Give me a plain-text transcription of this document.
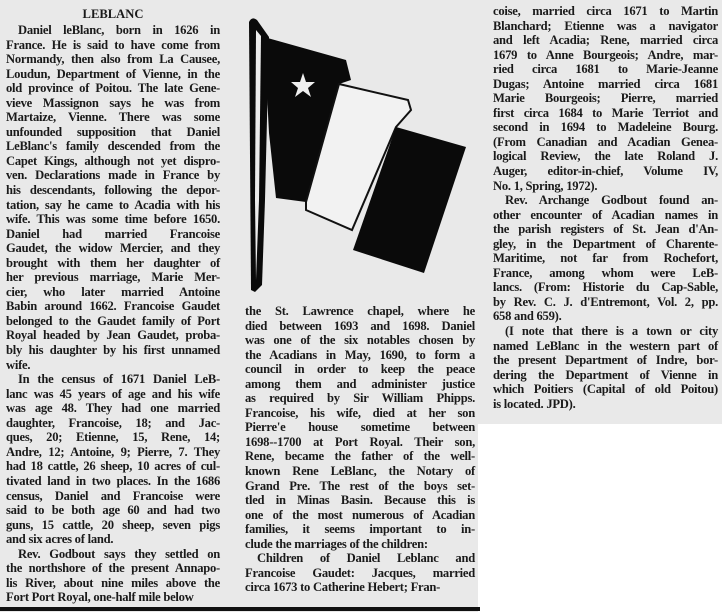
LEBLANC
Daniel leBlanc, born in 1626 in
France. He is said to have come from
Normandy, then also from La Causee,
Loudun, Department of Vienne, in the
old province of Poitou. The late Gene-
vieve Massignon says he was from
Martaize, Vienne. There was some
unfounded supposition that Daniel
LeBlanc's family descended from the
Capet Kings, although not yet dispro-
ven. Declarations made in France by
his descendants, following the depor-
tation, say he came to Acadia with his
wife. This was some time before 1650.
Daniel had married Francoise
Gaudet, the widow Mercier, and they
brought with them her daughter of
her previous marriage, Marie Mer-
cier, who later married Antoine
Babin around 1662. Francoise Gaudet
belonged to the Gaudet family of Port
Royal headed by Jean Gaudet, proba-
bly his daughter by his first unnamed
wife.
In the census of 1671 Daniel LeB-
lanc was 45 years of age and his wife
was age 48. They had one married
daughter, Francoise, 18; and Jac-
ques, 20; Etienne, 15, Rene, 14;
Andre, 12; Antoine, 9; Pierre, 7. They
had 18 cattle, 26 sheep, 10 acres of cul-
tivated land in two places. In the 1686
census, Daniel and Francoise were
said to be both age 60 and had two
guns, 15 cattle, 20 sheep, seven pigs
and six acres of land.
Rev. Godbout says they settled on
the northshore of the present Annapo-
lis River, about nine miles above the
Fort Port Royal, one-half mile below
the St. Lawrence chapel, where he
died between 1693 and 1698. Daniel
was one of the six notables chosen by
the Acadians in May, 1690, to form a
council in order to keep the peace
among them and administer justice
as required by Sir William Phipps.
Francoise, his wife, died at her son
Pierre'e house sometime between
1698--1700 at Port Royal. Their son,
Rene, became the father of the well-
known Rene LeBlanc, the Notary of
Grand Pre. The rest of the boys set-
tled in Minas Basin. Because this is
one of the most numerous of Acadian
families, it seems important to in-
clude the marriages of the children:
Children of Daniel Leblanc and
Francoise Gaudet: Jacques, married
circa 1673 to Catherine Hebert; Fran-
coise, married circa 1671 to Martin
Blanchard; Etienne was a navigator
and left Acadia; Rene, married circa
1679 to Anne Bourgeois; Andre, mar-
ried circa 1681 to Marie-Jeanne
Dugas; Antoine married circa 1681
Marie Bourgeois; Pierre, married
first circa 1684 to Marie Terriot and
second in 1694 to Madeleine Bourg.
(From Canadian and Acadian Genea-
logical Review, the late Roland J.
Auger, editor-in-chief, Volume IV,
No. 1, Spring, 1972).
Rev. Archange Godbout found an-
other encounter of Acadian names in
the parish registers of St. Jean d'An-
gley, in the Department of Charente-
Maritime, not far from Rochefort,
France, among whom were LeB-
lancs. (From: Historie du Cap-Sable,
by Rev. C. J. d'Entremont, Vol. 2, pp.
658 and 659).
(I note that there is a town or city
named LeBlanc in the western part of
the present Department of Indre, bor-
dering the Department of Vienne in
which Poitiers (Capital of old Poitou)
is located. JPD).
